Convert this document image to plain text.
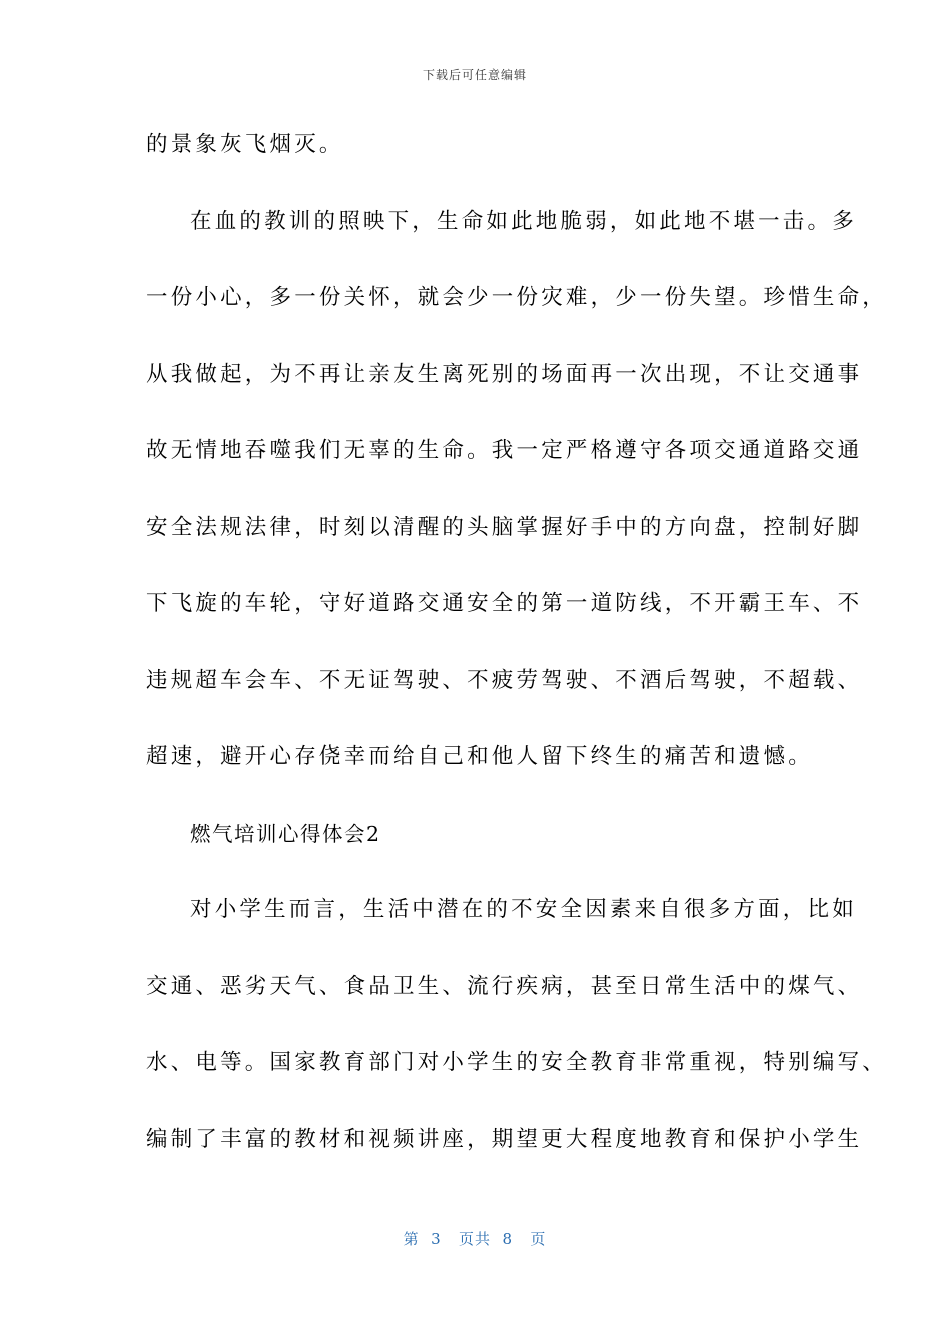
下载后可任意编辑
的景象灰飞烟灭。
在血的教训的照映下，生命如此地脆弱，如此地不堪一击。多
一份小心，多一份关怀，就会少一份灾难，少一份失望。珍惜生命，
从我做起，为不再让亲友生离死别的场面再一次出现，不让交通事
故无情地吞噬我们无辜的生命。我一定严格遵守各项交通道路交通
安全法规法律，时刻以清醒的头脑掌握好手中的方向盘，控制好脚
下飞旋的车轮，守好道路交通安全的第一道防线，不开霸王车、不
违规超车会车、不无证驾驶、不疲劳驾驶、不酒后驾驶，不超载、
超速，避开心存侥幸而给自己和他人留下终生的痛苦和遗憾。
燃气培训心得体会2
对小学生而言，生活中潜在的不安全因素来自很多方面，比如
交通、恶劣天气、食品卫生、流行疾病，甚至日常生活中的煤气、
水、电等。国家教育部门对小学生的安全教育非常重视，特别编写、
编制了丰富的教材和视频讲座，期望更大程度地教育和保护小学生
第  3   页共  8   页
